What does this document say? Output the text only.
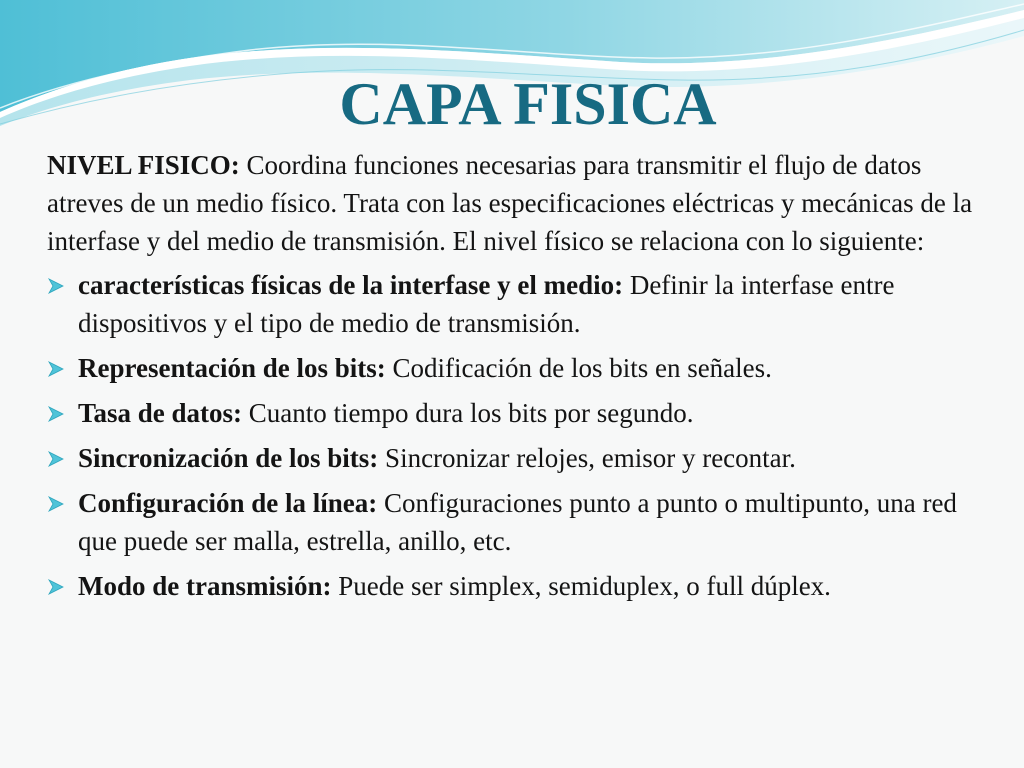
CAPA FISICA

NIVEL FISICO: Coordina funciones necesarias para transmitir el flujo de datos atreves de un medio físico. Trata con las especificaciones eléctricas y mecánicas de la interfase y del medio de transmisión. El nivel físico se relaciona con lo siguiente:

características físicas de la interfase y el medio: Definir la interfase entre dispositivos y el tipo de medio de transmisión.
Representación de los bits: Codificación de los bits en señales.
Tasa de datos: Cuanto tiempo dura los bits por segundo.
Sincronización de los bits: Sincronizar relojes, emisor y recontar.
Configuración de la línea: Configuraciones punto a punto o multipunto, una red que puede ser malla, estrella, anillo, etc.
Modo de transmisión: Puede ser simplex, semiduplex, o full dúplex.
